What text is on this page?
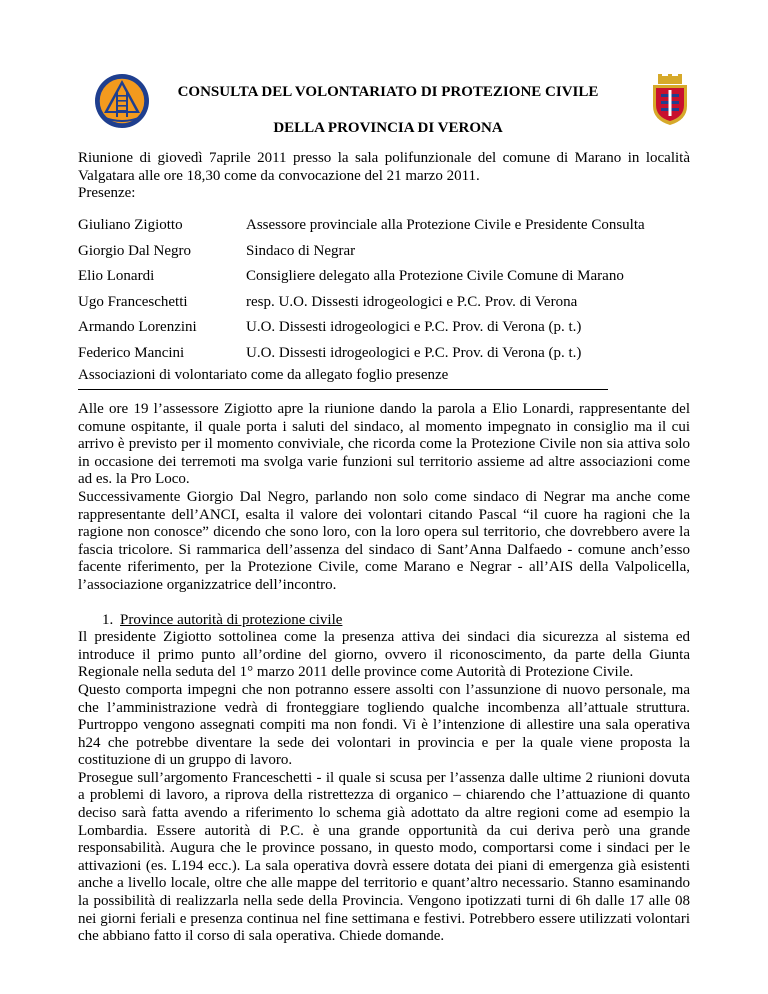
CONSULTA DEL VOLONTARIATO DI PROTEZIONE CIVILE
DELLA PROVINCIA DI VERONA

Riunione di giovedì 7aprile 2011 presso la sala polifunzionale del comune di Marano in località Valgatara alle ore 18,30 come da convocazione del 21 marzo 2011.

Presenze:

Giuliano Zigiotto	Assessore provinciale alla Protezione Civile e Presidente Consulta
Giorgio Dal Negro	Sindaco di Negrar
Elio Lonardi	Consigliere delegato alla Protezione Civile Comune di Marano
Ugo Franceschetti	resp. U.O. Dissesti idrogeologici e P.C. Prov. di Verona
Armando Lorenzini	U.O. Dissesti idrogeologici e P.C. Prov. di Verona (p. t.)
Federico Mancini	U.O. Dissesti idrogeologici e P.C. Prov. di Verona (p. t.)

Associazioni di volontariato come da allegato foglio presenze

Alle ore 19 l’assessore Zigiotto apre la riunione dando la parola a Elio Lonardi, rappresentante del comune ospitante, il quale porta i saluti del sindaco, al momento impegnato in consiglio ma il cui arrivo è previsto per il momento conviviale, che ricorda come la Protezione Civile non sia attiva solo in occasione dei terremoti ma svolga varie funzioni sul territorio assieme ad altre associazioni come ad es. la Pro Loco.

Successivamente Giorgio Dal Negro, parlando non solo come sindaco di Negrar ma anche come rappresentante dell’ANCI, esalta il valore dei volontari citando Pascal “il cuore ha ragioni che la ragione non conosce” dicendo che sono loro, con la loro opera sul territorio, che dovrebbero avere la fascia tricolore. Si rammarica dell’assenza del sindaco di Sant’Anna Dalfaedo - comune anch’esso facente riferimento, per la Protezione Civile, come Marano e Negrar - all’AIS della Valpolicella, l’associazione organizzatrice dell’incontro.

1. Province autorità di protezione civile

Il presidente Zigiotto sottolinea come la presenza attiva dei sindaci dia sicurezza al sistema ed introduce il primo punto all’ordine del giorno, ovvero il riconoscimento, da parte della Giunta Regionale nella seduta del 1° marzo 2011 delle province come Autorità di Protezione Civile.

Questo comporta impegni che non potranno essere assolti con l’assunzione di nuovo personale, ma che l’amministrazione vedrà di fronteggiare togliendo qualche incombenza all’attuale struttura. Purtroppo vengono assegnati compiti ma non fondi. Vi è l’intenzione di allestire una sala operativa h24 che potrebbe diventare la sede dei volontari in provincia e per la quale viene proposta la costituzione di un gruppo di lavoro.

Prosegue sull’argomento Franceschetti - il quale si scusa per l’assenza dalle ultime 2 riunioni dovuta a problemi di lavoro, a riprova della ristrettezza di organico – chiarendo che l’attuazione di quanto deciso sarà fatta avendo a riferimento lo schema già adottato da altre regioni come ad esempio la Lombardia. Essere autorità di P.C. è una grande opportunità da cui deriva però una grande responsabilità. Augura che le province possano, in questo modo, comportarsi come i sindaci per le attivazioni (es. L194 ecc.). La sala operativa dovrà essere dotata dei piani di emergenza già esistenti anche a livello locale, oltre che alle mappe del territorio e quant’altro necessario. Stanno esaminando la possibilità di realizzarla nella sede della Provincia. Vengono ipotizzati turni di 6h dalle 17 alle 08 nei giorni feriali e presenza continua nel fine settimana e festivi. Potrebbero essere utilizzati volontari che abbiano fatto il corso di sala operativa. Chiede domande.
